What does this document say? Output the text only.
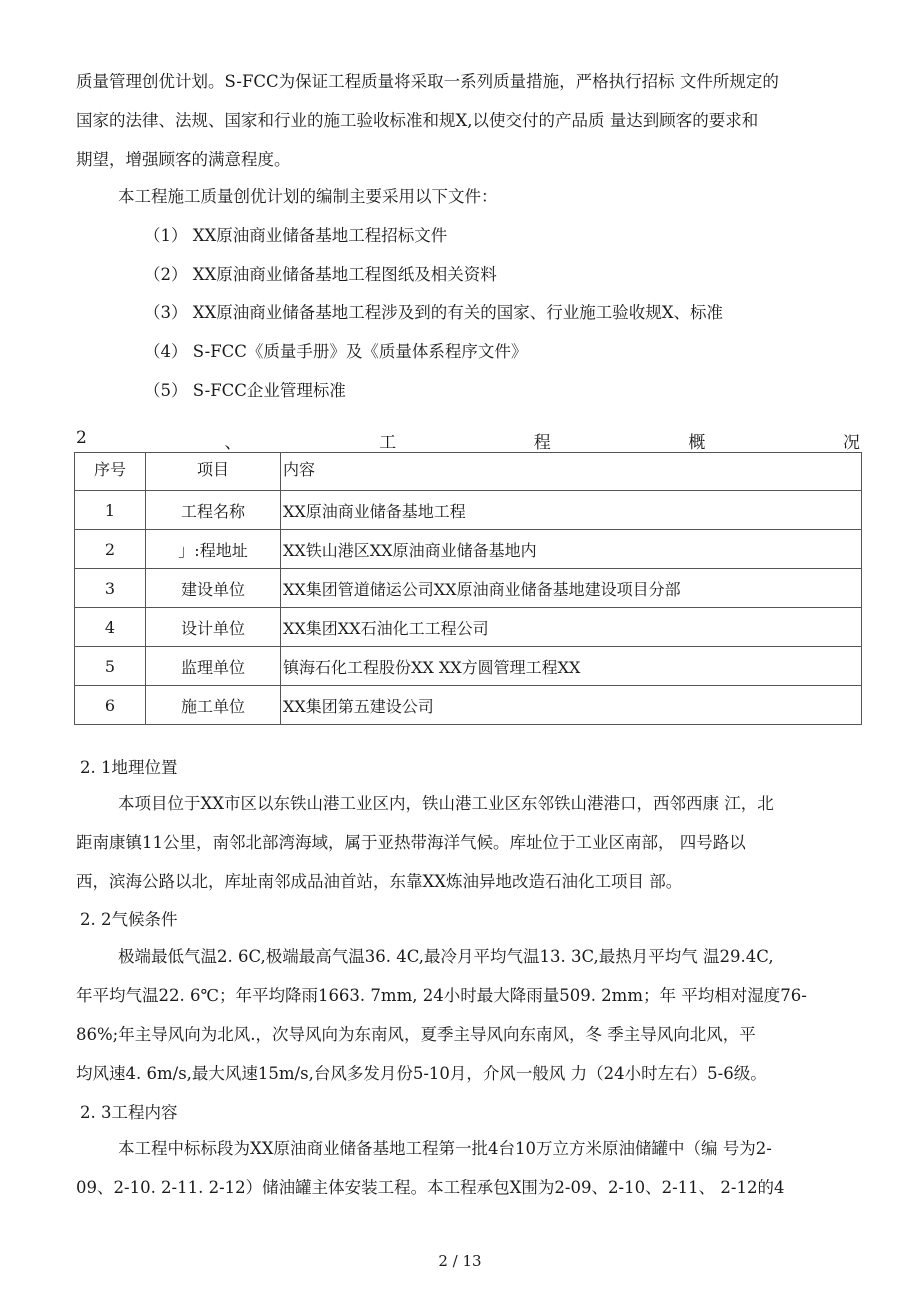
质量管理创优计划。S-FCC为保证工程质量将采取一系列质量措施，严格执行招标 文件所规定的
国家的法律、法规、国家和行业的施工验收标准和规X,以使交付的产品质 量达到顾客的要求和
期望，增强顾客的满意程度。
本工程施工质量创优计划的编制主要采用以下文件：
（1） XX原油商业储备基地工程招标文件
（2） XX原油商业储备基地工程图纸及相关资料
（3） XX原油商业储备基地工程涉及到的有关的国家、行业施工验收规X、标准
（4） S-FCC《质量手册》及《质量体系程序文件》
（5） S-FCC企业管理标准
2	、	工	程	概	况
序号	项目	内容
1	工程名称	XX原油商业储备基地工程
2	」:程地址	XX铁山港区XX原油商业储备基地内
3	建设单位	XX集团管道储运公司XX原油商业储备基地建设项目分部
4	设计单位	XX集团XX石油化工工程公司
5	监理单位	镇海石化工程股份XX XX方圆管理工程XX
6	施工单位	XX集团第五建设公司
2. 1地理位置
本项目位于XX市区以东铁山港工业区内，铁山港工业区东邻铁山港港口，西邻西康 江，北
距南康镇11公里，南邻北部湾海域，属于亚热带海洋气候。库址位于工业区南部， 四号路以
西，滨海公路以北，库址南邻成品油首站，东靠XX炼油异地改造石油化工项目 部。
2. 2气候条件
极端最低气温2. 6C,极端最高气温36. 4C,最冷月平均气温13. 3C,最热月平均气 温29.4C,
年平均气温22. 6℃；年平均降雨1663. 7mm, 24小时最大降雨量509. 2mm；年 平均相对湿度76-
86%;年主导风向为北风.，次导风向为东南风，夏季主导风向东南风，冬 季主导风向北风，平
均风速4. 6m/s,最大风速15m/s,台风多发月份5-10月，介风一般风 力（24小时左右）5-6级。
2. 3工程内容
本工程中标标段为XX原油商业储备基地工程第一批4台10万立方米原油储罐中（编 号为2-
09、2-10. 2-11. 2-12）储油罐主体安装工程。本工程承包X围为2-09、2-10、2-11、 2-12的4
2 / 13
